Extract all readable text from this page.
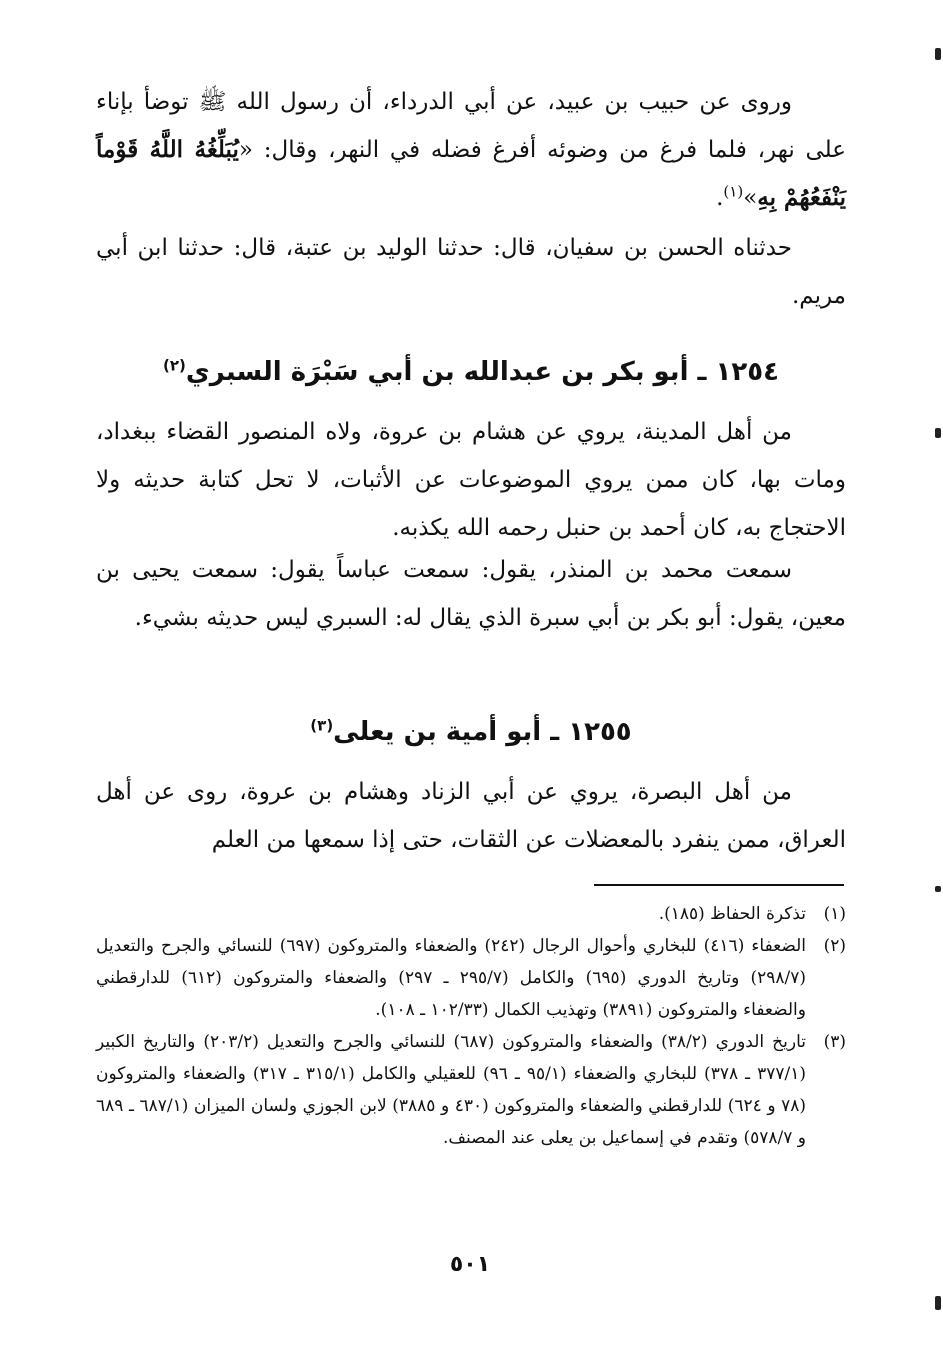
وروى عن حبيب بن عبيد، عن أبي الدرداء، أن رسول الله ﷺ توضأ بإناء على نهر، فلما فرغ من وضوئه أفرغ فضله في النهر، وقال: «يُبَلِّغُهُ اللَّهُ قَوْماً يَنْفَعُهُمْ بِهِ»$^{(١)}$.

حدثناه الحسن بن سفيان، قال: حدثنا الوليد بن عتبة، قال: حدثنا ابن أبي مريم.

١٢٥٤ ـ أبو بكر بن عبدالله بن أبي سَبْرَة السبري$^{(٢)}$

من أهل المدينة، يروي عن هشام بن عروة، ولاه المنصور القضاء ببغداد، ومات بها، كان ممن يروي الموضوعات عن الأثبات، لا تحل كتابة حديثه ولا الاحتجاج به، كان أحمد بن حنبل رحمه الله يكذبه.

سمعت محمد بن المنذر، يقول: سمعت عباساً يقول: سمعت يحيى بن معين، يقول: أبو بكر بن أبي سبرة الذي يقال له: السبري ليس حديثه بشيء.

١٢٥٥ ـ أبو أمية بن يعلى$^{(٣)}$

من أهل البصرة، يروي عن أبي الزناد وهشام بن عروة، روى عن أهل العراق، ممن ينفرد بالمعضلات عن الثقات، حتى إذا سمعها من العلم

(١)
تذكرة الحفاظ (١٨٥).
(٢)
الضعفاء (٤١٦) للبخاري وأحوال الرجال (٢٤٢) والضعفاء والمتروكون (٦٩٧) للنسائي والجرح والتعديل (٢٩٨/٧) وتاريخ الدوري (٦٩٥) والكامل (٢٩٥/٧ ـ ٢٩٧) والضعفاء والمتروكون (٦١٢) للدارقطني والضعفاء والمتروكون (٣٨٩١) وتهذيب الكمال (١٠٢/٣٣ ـ ١٠٨).
(٣)
تاريخ الدوري (٣٨/٢) والضعفاء والمتروكون (٦٨٧) للنسائي والجرح والتعديل (٢٠٣/٢) والتاريخ الكبير (٣٧٧/١ ـ ٣٧٨) للبخاري والضعفاء (٩٥/١ ـ ٩٦) للعقيلي والكامل (٣١٥/١ ـ ٣١٧) والضعفاء والمتروكون (٧٨ و ٦٢٤) للدارقطني والضعفاء والمتروكون (٤٣٠ و ٣٨٨٥) لابن الجوزي ولسان الميزان (٦٨٧/١ ـ ٦٨٩ و ٥٧٨/٧) وتقدم في إسماعيل بن يعلى عند المصنف.
٥٠١
